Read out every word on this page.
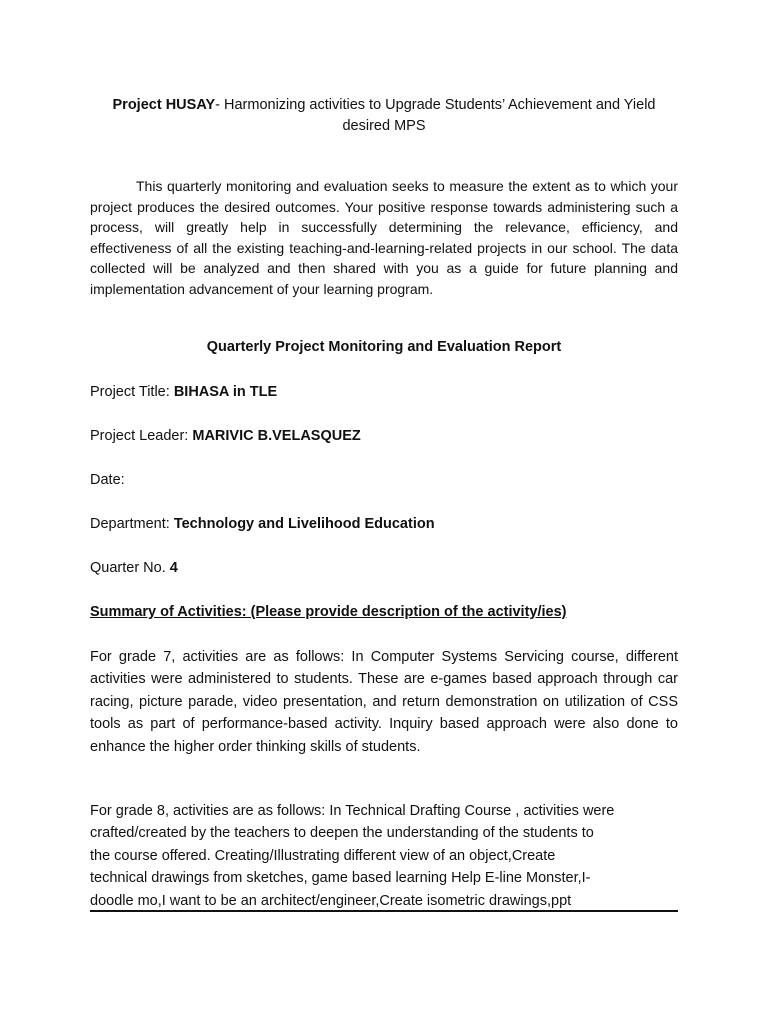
Project HUSAY- Harmonizing activities to Upgrade Students’ Achievement and Yield desired MPS

This quarterly monitoring and evaluation seeks to measure the extent as to which your project produces the desired outcomes. Your positive response towards administering such a process, will greatly help in successfully determining the relevance, efficiency, and effectiveness of all the existing teaching-and-learning-related projects in our school. The data collected will be analyzed and then shared with you as a guide for future planning and implementation advancement of your learning program.

Quarterly Project Monitoring and Evaluation Report
Project Title: BIHASA in TLE
Project Leader: MARIVIC B.VELASQUEZ
Date:
Department: Technology and Livelihood Education
Quarter No. 4
Summary of Activities: (Please provide description of the activity/ies)

For grade 7, activities are as follows: In Computer Systems Servicing course, different activities were administered to students. These are e-games based approach through car racing, picture parade, video presentation, and return demonstration on utilization of CSS tools as part of performance-based activity. Inquiry based approach were also done to enhance the higher order thinking skills of students.

For grade 8, activities are as follows: In Technical Drafting Course , activities were
crafted/created by the teachers to deepen the understanding of the students to
the course offered. Creating/Illustrating different view of an object,Create
technical drawings from sketches, game based learning Help E-line Monster,I-
doodle mo,I want to be an architect/engineer,Create isometric drawings,ppt
